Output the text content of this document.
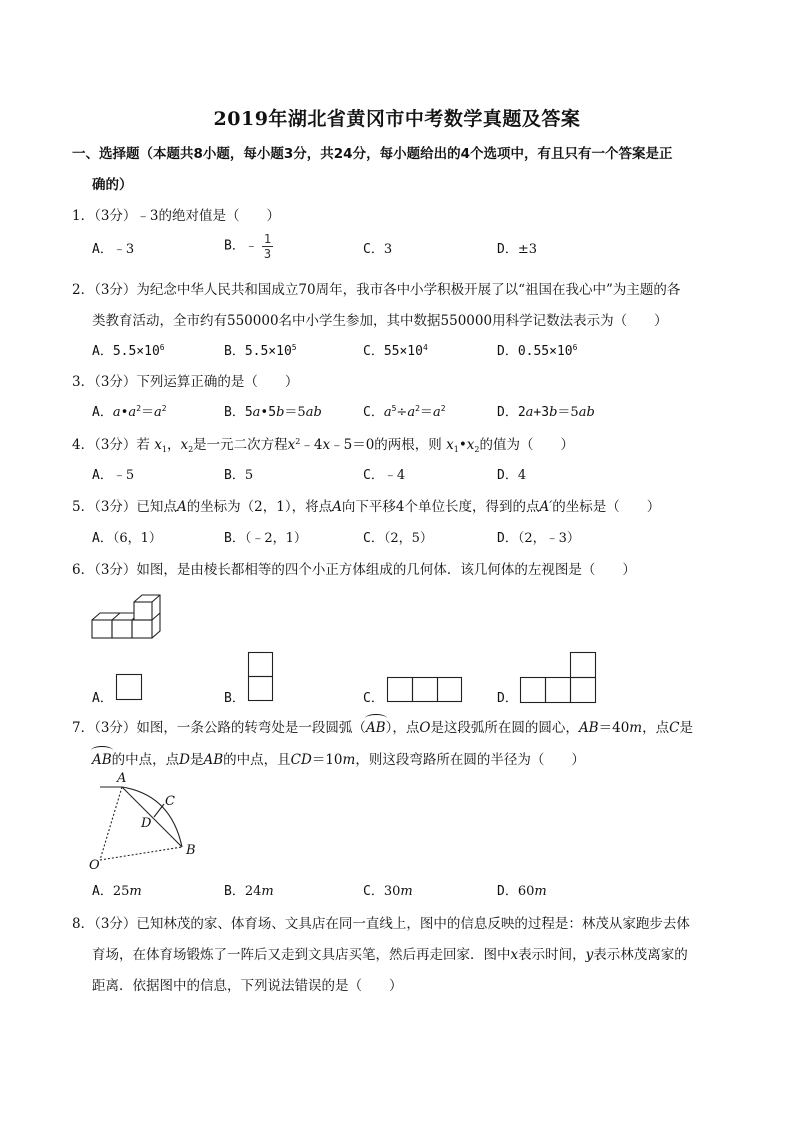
2019年湖北省黄冈市中考数学真题及答案
一、选择题（本题共8小题，每小题3分，共24分，每小题给出的4个选项中，有且只有一个答案是正
确的）
1．（3分）﹣3的绝对值是（　　）
A．﹣3	B．﹣ $\frac{1}{3}$	C．3	D．±3
2．（3分）为纪念中华人民共和国成立70周年，我市各中小学积极开展了以“祖国在我心中”为主题的各
类教育活动，全市约有550000名中小学生参加，其中数据550000用科学记数法表示为（　　）
A．$5.5\times 10^6$	B．$5.5\times 10^5$	C．$55\times 10^4$	D．$0.55\times 10^6$
3．（3分）下列运算正确的是（　　）
A．$a•a^2=a^2$	B．5a•5b＝5ab	C．$a^5\div a^2=a^2$	D．2a+3b＝5ab
4．（3分）若 $x_1$，$x_2$是一元二次方程$x^2﹣4x﹣5=0$的两根，则 $x_1•x_2$的值为（　　）
A．﹣5	B．5	C．﹣4	D．4
5．（3分）已知点A的坐标为（2，1），将点A向下平移4个单位长度，得到的点A′的坐标是（　　）
A．（6，1）	B．（﹣2，1）	C．（2，5）	D．（2，﹣3）
6．（3分）如图，是由棱长都相等的四个小正方体组成的几何体．该几何体的左视图是（　　）
A．	B．	C．	D．
7．（3分）如图，一条公路的转弯处是一段圆弧（AB），点O是这段弧所在圆的圆心，AB＝40m，点C是
AB的中点，点D是AB的中点，且CD＝10m，则这段弯路所在圆的半径为（　　）
A
B
C
D
O
A．25m	B．24m	C．30m	D．60m
8．（3分）已知林茂的家、体育场、文具店在同一直线上，图中的信息反映的过程是：林茂从家跑步去体
育场，在体育场锻炼了一阵后又走到文具店买笔，然后再走回家．图中x表示时间，y表示林茂离家的
距离．依据图中的信息，下列说法错误的是（　　）
